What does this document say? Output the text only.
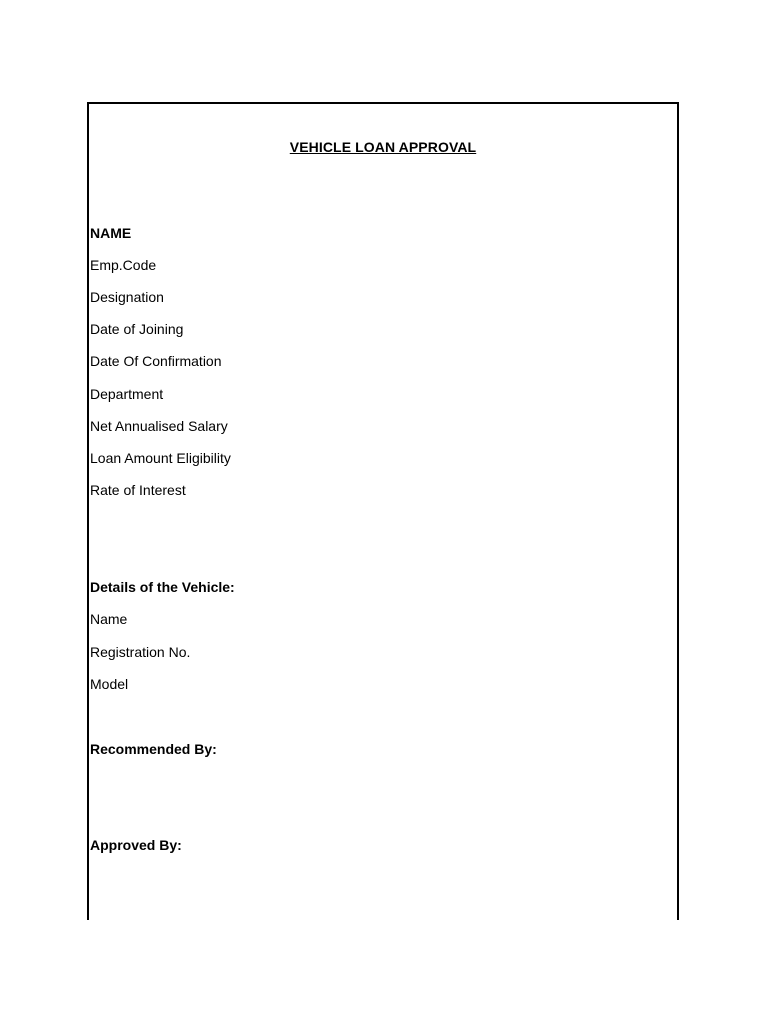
VEHICLE LOAN APPROVAL
NAME
Emp.Code
Designation
Date of Joining
Date Of Confirmation
Department
Net Annualised Salary
Loan Amount Eligibility
Rate of Interest
Details of the Vehicle:
Name
Registration No.
Model
Recommended By:
Approved By:
